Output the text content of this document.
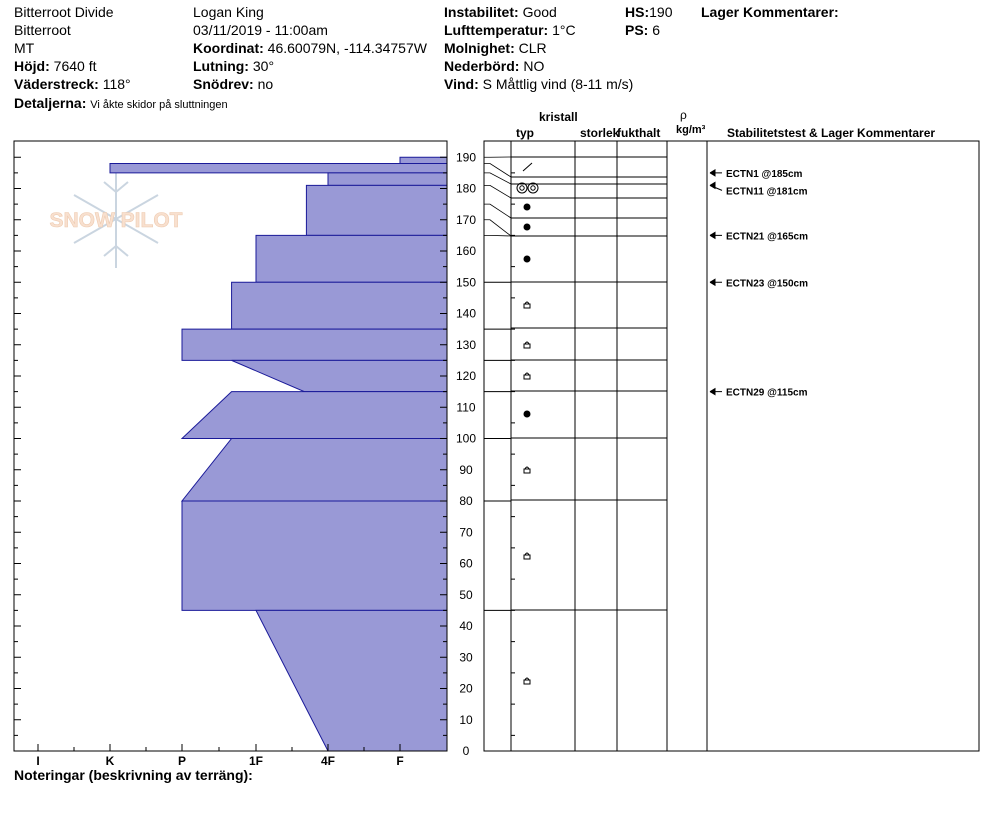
Bitterroot Divide
Bitterroot
MT
Höjd: 7640 ft
Väderstreck: 118°
Detaljerna: Vi åkte skidor på sluttningen
Logan King
03/11/2019 - 11:00am
Koordinat: 46.60079N, -114.34757W
Lutning: 30°
Snödrev: no
Instabilitet: Good
Lufttemperatur: 1°C
Molnighet: CLR
Nederbörd: NO
Vind: S Måttlig vind (8-11 m/s)
HS:190
PS: 6
Lager Kommentarer:
kristall
typ	storlek
fukthalt
ρ
kg/m³ Stabilitetstest & Lager Kommentarer
SNOW PILOT
0
10
20
30
40
50
60
70
80
90
100
110
120
130
140
150
160
170
180
190
I	K	P	1F	4F	F
ECTN1 @185cm
ECTN11 @181cm
ECTN21 @165cm
ECTN23 @150cm
ECTN29 @115cm
Noteringar (beskrivning av terräng):
